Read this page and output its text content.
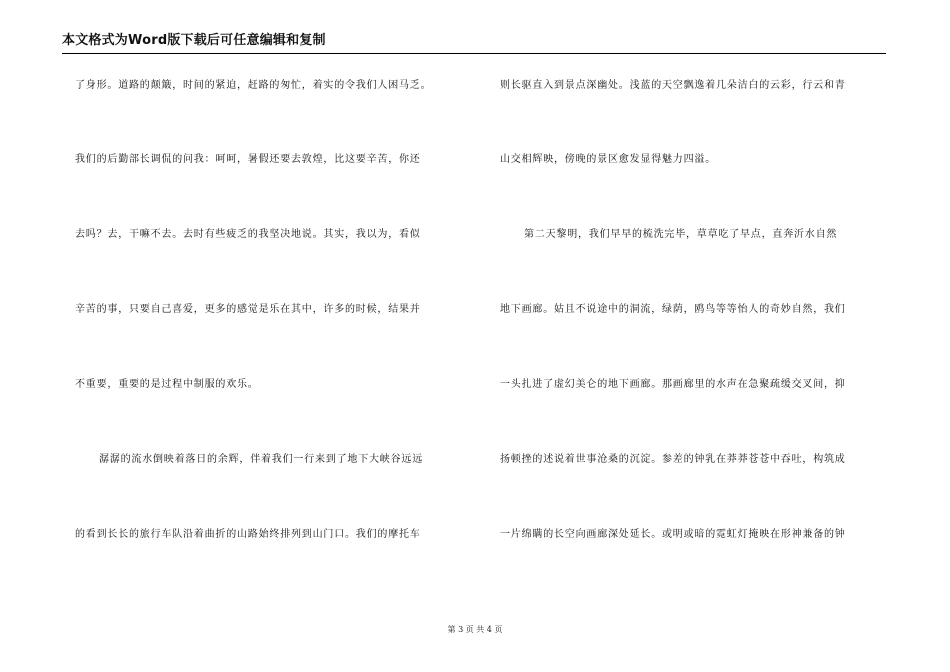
本文格式为Word版下载后可任意编辑和复制
了身形。道路的颠簸，时间的紧迫，赶路的匆忙，着实的令我们人困马乏。
我们的后勤部长调侃的问我：呵呵，暑假还要去敦煌，比这要辛苦，你还
去吗？去，干嘛不去。去时有些疲乏的我坚决地说。其实，我以为，看似
辛苦的事，只要自己喜爱，更多的感觉是乐在其中，许多的时候，结果并
不重要，重要的是过程中制服的欢乐。
潺潺的流水倒映着落日的余辉，伴着我们一行来到了地下大峡谷远远
的看到长长的旅行车队沿着曲折的山路始终排列到山门口。我们的摩托车
则长驱直入到景点深幽处。浅蓝的天空飘逸着几朵洁白的云彩，行云和青
山交相辉映，傍晚的景区愈发显得魅力四溢。
第二天黎明，我们早早的梳洗完毕，草草吃了早点，直奔沂水自然
地下画廊。姑且不说途中的洞流，绿荫，鸥鸟等等怡人的奇妙自然，我们
一头扎进了虚幻美仑的地下画廊。那画廊里的水声在急聚疏缓交叉间，抑
扬顿挫的述说着世事沧桑的沉淀。参差的钟乳在莽莽苍苍中吞吐，构筑成
一片绵瞒的长空向画廊深处延长。或明或暗的霓虹灯掩映在形神兼备的钟
第 3 页 共 4 页
